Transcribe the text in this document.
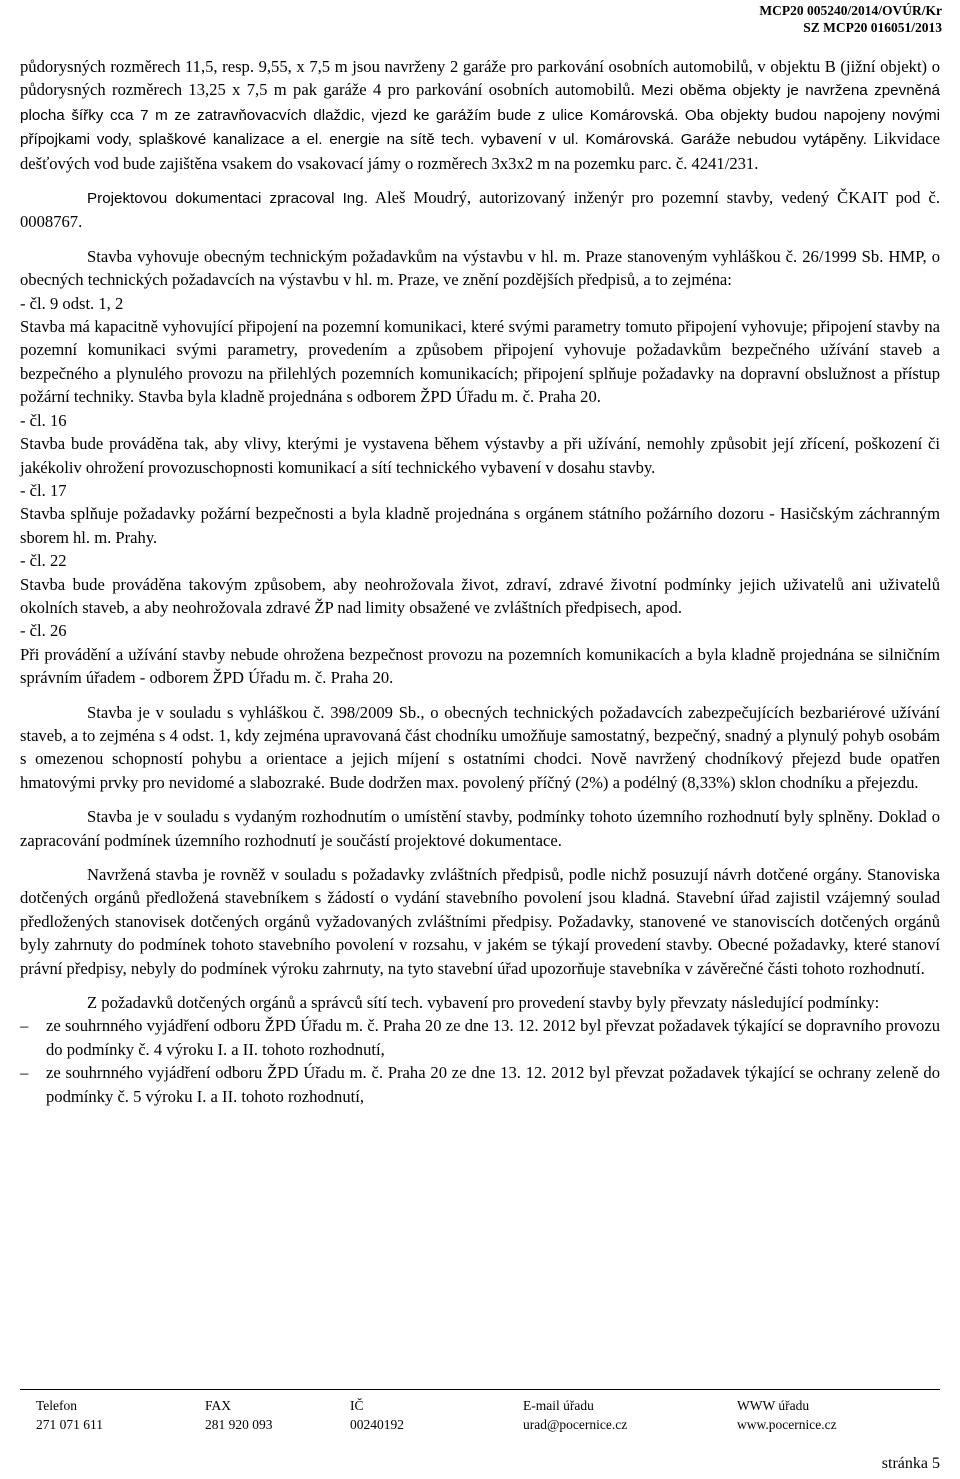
MCP20 005240/2014/OVÚR/Kr
SZ MCP20 016051/2013

půdorysných rozměrech 11,5, resp. 9,55, x 7,5 m jsou navrženy 2 garáže pro parkování osobních automobilů, v objektu B (jižní objekt) o půdorysných rozměrech 13,25 x 7,5 m pak garáže 4 pro parkování osobních automobilů. Mezi oběma objekty je navržena zpevněná plocha šířky cca 7 m ze zatravňovacvích dlaždic, vjezd ke garážím bude z ulice Komárovská. Oba objekty budou napojeny novými přípojkami vody, splaškové kanalizace a el. energie na sítě tech. vybavení v ul. Komárovská. Garáže nebudou vytápěny. Likvidace dešťových vod bude zajištěna vsakem do vsakovací jámy o rozměrech 3x3x2 m na pozemku parc. č. 4241/231.

Projektovou dokumentaci zpracoval Ing. Aleš Moudrý, autorizovaný inženýr pro pozemní stavby, vedený ČKAIT pod č. 0008767.

Stavba vyhovuje obecným technickým požadavkům na výstavbu v hl. m. Praze stanoveným vyhláškou č. 26/1999 Sb. HMP, o obecných technických požadavcích na výstavbu v hl. m. Praze, ve znění pozdějších předpisů, a to zejména:

- čl. 9 odst. 1, 2

Stavba má kapacitně vyhovující připojení na pozemní komunikaci, které svými parametry tomuto připojení vyhovuje; připojení stavby na pozemní komunikaci svými parametry, provedením a způsobem připojení vyhovuje požadavkům bezpečného užívání staveb a bezpečného a plynulého provozu na přilehlých pozemních komunikacích; připojení splňuje požadavky na dopravní obslužnost a přístup požární techniky. Stavba byla kladně projednána s odborem ŽPD Úřadu m. č. Praha 20.

- čl. 16

Stavba bude prováděna tak, aby vlivy, kterými je vystavena během výstavby a při užívání, nemohly způsobit její zřícení, poškození či jakékoliv ohrožení provozuschopnosti komunikací a sítí technického vybavení v dosahu stavby.

- čl. 17

Stavba splňuje požadavky požární bezpečnosti a byla kladně projednána s orgánem státního požárního dozoru - Hasičským záchranným sborem hl. m. Prahy.

- čl. 22

Stavba bude prováděna takovým způsobem, aby neohrožovala život, zdraví, zdravé životní podmínky jejich uživatelů ani uživatelů okolních staveb, a aby neohrožovala zdravé ŽP nad limity obsažené ve zvláštních předpisech, apod.

- čl. 26

Při provádění a užívání stavby nebude ohrožena bezpečnost provozu na pozemních komunikacích a byla kladně projednána se silničním správním úřadem - odborem ŽPD Úřadu m. č. Praha 20.

Stavba je v souladu s vyhláškou č. 398/2009 Sb., o obecných technických požadavcích zabezpečujících bezbariérové užívání staveb, a to zejména s 4 odst. 1, kdy zejména upravovaná část chodníku umožňuje samostatný, bezpečný, snadný a plynulý pohyb osobám s omezenou schopností pohybu a orientace a jejich míjení s ostatními chodci. Nově navržený chodníkový přejezd bude opatřen hmatovými prvky pro nevidomé a slabozraké. Bude dodržen max. povolený příčný (2%) a podélný (8,33%) sklon chodníku a přejezdu.

Stavba je v souladu s vydaným rozhodnutím o umístění stavby, podmínky tohoto územního rozhodnutí byly splněny. Doklad o zapracování podmínek územního rozhodnutí je součástí projektové dokumentace.

Navržená stavba je rovněž v souladu s požadavky zvláštních předpisů, podle nichž posuzují návrh dotčené orgány. Stanoviska dotčených orgánů předložená stavebníkem s žádostí o vydání stavebního povolení jsou kladná. Stavební úřad zajistil vzájemný soulad předložených stanovisek dotčených orgánů vyžadovaných zvláštními předpisy. Požadavky, stanovené ve stanoviscích dotčených orgánů byly zahrnuty do podmínek tohoto stavebního povolení v rozsahu, v jakém se týkají provedení stavby. Obecné požadavky, které stanoví právní předpisy, nebyly do podmínek výroku zahrnuty, na tyto stavební úřad upozorňuje stavebníka v závěrečné části tohoto rozhodnutí.

Z požadavků dotčených orgánů a správců sítí tech. vybavení pro provedení stavby byly převzaty následující podmínky:

–	ze souhrnného vyjádření odboru ŽPD Úřadu m. č. Praha 20 ze dne 13. 12. 2012 byl převzat požadavek týkající se dopravního provozu do podmínky č. 4 výroku I. a II. tohoto rozhodnutí,
–	ze souhrnného vyjádření odboru ŽPD Úřadu m. č. Praha 20 ze dne 13. 12. 2012 byl převzat požadavek týkající se ochrany zeleně do podmínky č. 5 výroku I. a II. tohoto rozhodnutí,
Telefon
271 071 611
FAX
281 920 093
IČ
00240192
E-mail úřadu
urad@pocernice.cz
WWW úřadu
www.pocernice.cz
stránka 5
